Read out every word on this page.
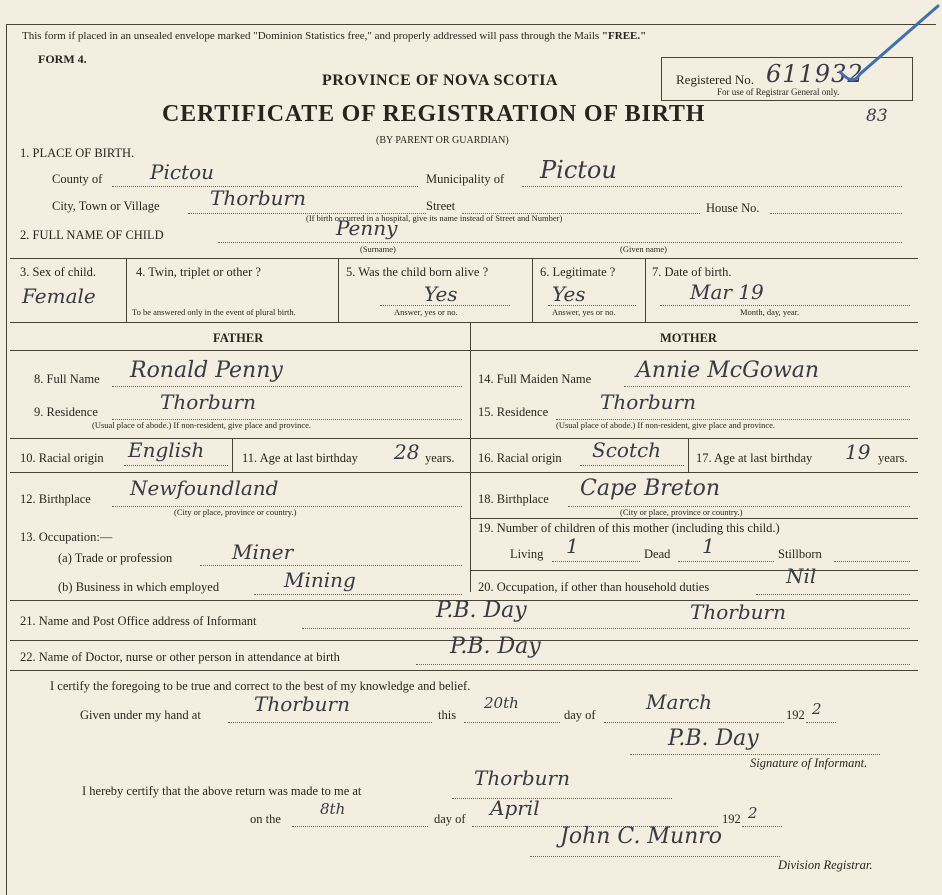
This form if placed in an unsealed envelope marked "Dominion Statistics free," and properly addressed will pass through the Mails "FREE."
FORM 4.
PROVINCE OF NOVA SCOTIA
CERTIFICATE OF REGISTRATION OF BIRTH
(BY PARENT OR GUARDIAN)
Registered No. 611932
For use of Registrar General only.
83
1. PLACE OF BIRTH.
County of Pictou	Municipality of Pictou
City, Town or Village	Thorburn	Street	House No.
(If birth occurred in a hospital, give its name instead of Street and Number)
2. FULL NAME OF CHILD	Penny
(Surname)	(Given name)
3. Sex of child.
Female
4. Twin, triplet or other ?
To be answered only in the event of plural birth.
5. Was the child born alive ?
Yes
Answer, yes or no.
6. Legitimate ?
Yes
Answer, yes or no.
7. Date of birth.
Mar 19
Month, day, year.
FATHER	MOTHER
8. Full Name Ronald Penny
9. Residence	Thorburn
(Usual place of abode.) If non-resident, give place and province.
10. Racial origin English	11. Age at last birthday 28 years.
12. Birthplace Newfoundland
(City or place, province or country.)
13. Occupation:—
(a) Trade or profession	Miner
(b) Business in which employed	Mining
14. Full Maiden Name Annie McGowan
15. Residence	Thorburn
(Usual place of abode.) If non-resident, give place and province.
16. Racial origin Scotch	17. Age at last birthday 19 years.
18. Birthplace Cape Breton
(City or place, province or country.)
19. Number of children of this mother (including this child.)
Living 1	Dead 1	Stillborn
20. Occupation, if other than household duties	Nil
21. Name and Post Office address of Informant	P.B. Day	Thorburn
22. Name of Doctor, nurse or other person in attendance at birth	P.B. Day
I certify the foregoing to be true and correct to the best of my knowledge and belief.
Given under my hand at	Thorburn	this
20th
day of
March
192 2
P.B. Day
Signature of Informant.
I hereby certify that the above return was made to me at
Thorburn
on the
8th
day of April	192 2
John C. Munro
Division Registrar.
